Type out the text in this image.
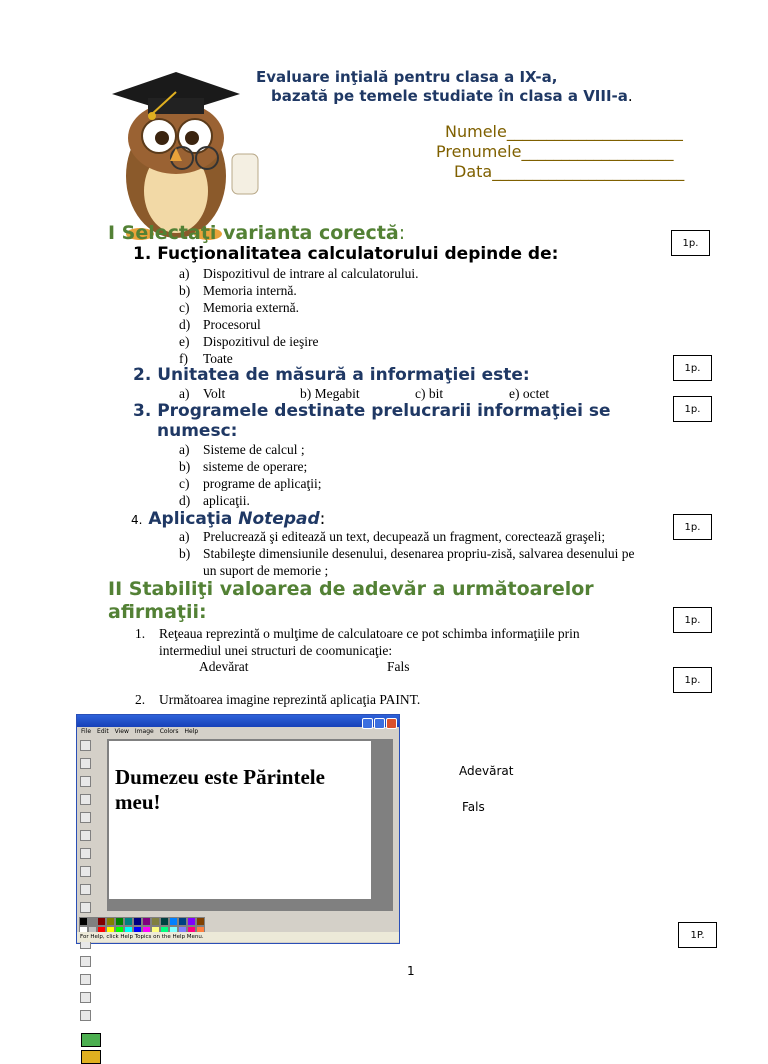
Evaluare inţială pentru clasa a IX-a,
bazată pe temele studiate în clasa a VIII-a.
Numele______________________
Prenumele___________________
Data________________________
I Selectaţi varianta corectă:
1. Fucţionalitatea calculatorului depinde de:
a) Dispozitivul de intrare al calculatorului.
b) Memoria internă.
c) Memoria externă.
d) Procesorul
e) Dispozitivul de ieşire
f) Toate
2. Unitatea de măsură a informaţiei este:
a) Volt	b) Megabit	c) bit	e) octet
3. Programele destinate prelucrarii informaţiei se
numesc:
a) Sisteme de calcul ;
b) sisteme de operare;
c) programe de aplicaţii;
d) aplicaţii.
4. Aplicaţia Notepad:
a) Prelucrează şi editează un text, decupează un fragment, corectează graşeli;
b) Stabileşte dimensiunile desenului, desenarea propriu-zisă, salvarea desenului pe
un suport de memorie ;
II Stabiliţi valoarea de adevăr a următoarelor
afirmaţii:
1. Reţeaua reprezintă o mulţime de calculatoare ce pot schimba informaţiile prin
intermediul unei structuri de coomunicaţie:
Adevărat	Fals
2. Următoarea imagine reprezintă aplicaţia PAINT.
Adevărat
Fals
1p.
1p.
1p.
1p.
1p.
1p.
1P.
File Edit View Image Colors Help

Dumezeu este Părintele
meu!
For Help, click Help Topics on the Help Menu.
1
